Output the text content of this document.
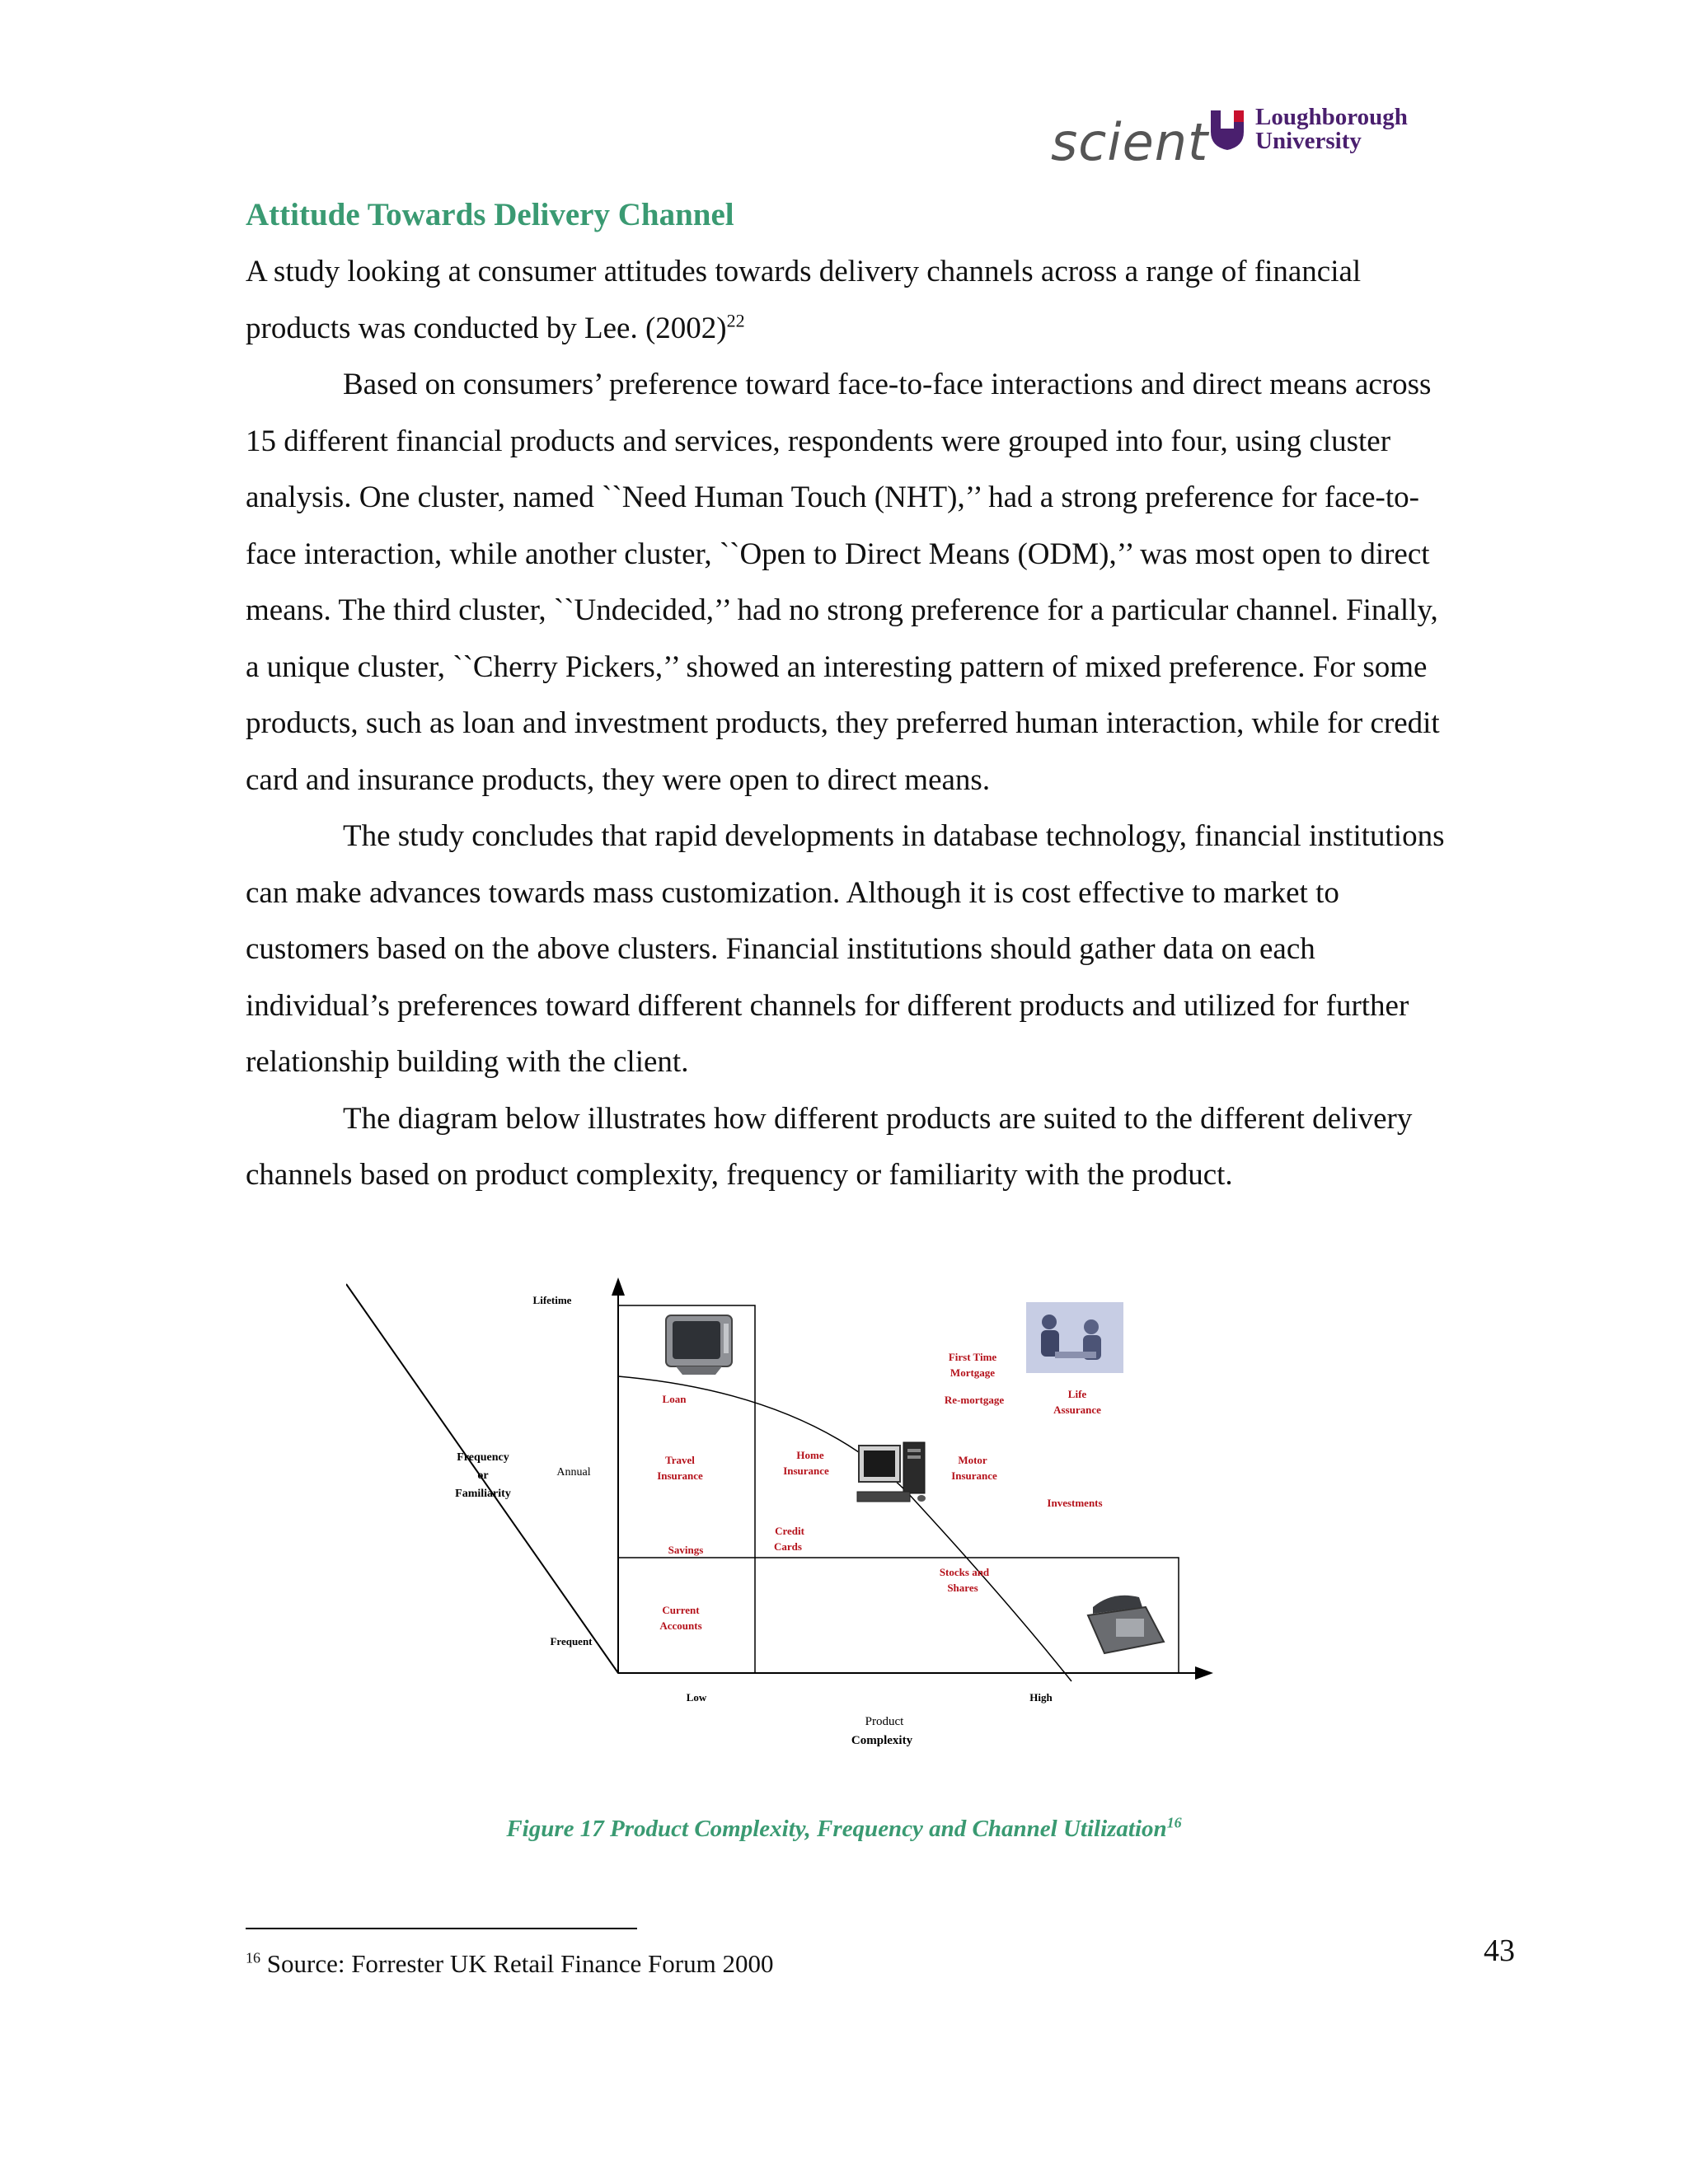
scient Loughborough
University
Attitude Towards Delivery Channel

A study looking at consumer attitudes towards delivery channels across a range of financial products was conducted by Lee. $(2002)^{22}$

Based on consumers’ preference toward face-to-face interactions and direct means across 15 different financial products and services, respondents were grouped into four, using cluster analysis. One cluster, named ``Need Human Touch (NHT),’’ had a strong preference for face-to-face interaction, while another cluster, ``Open to Direct Means (ODM),’’ was most open to direct means. The third cluster, ``Undecided,’’ had no strong preference for a particular channel. Finally, a unique cluster, ``Cherry Pickers,’’ showed an interesting pattern of mixed preference. For some products, such as loan and investment products, they preferred human interaction, while for credit card and insurance products, they were open to direct means.

The study concludes that rapid developments in database technology, financial institutions can make advances towards mass customization. Although it is cost effective to market to customers based on the above clusters. Financial institutions should gather data on each individual’s preferences toward different channels for different products and utilized for further relationship building with the client.

The diagram below illustrates how different products are suited to the different delivery channels based on product complexity, frequency or familiarity with the product.

Lifetime
Annual
Frequent
Frequency
or
Familiarity
Low	High
Product
Complexity
Loan
Travel
Insurance
Savings
Current
Accounts
Home
Insurance
Credit
Cards
First Time
Mortgage
Re-mortgage	Life
Assurance
Motor
Insurance
Investments
Stocks and
Shares
Figure 17 Product Complexity, Frequency and Channel Utilization$^{16}$
$^{16}$ Source: Forrester UK Retail Finance Forum 2000	43
